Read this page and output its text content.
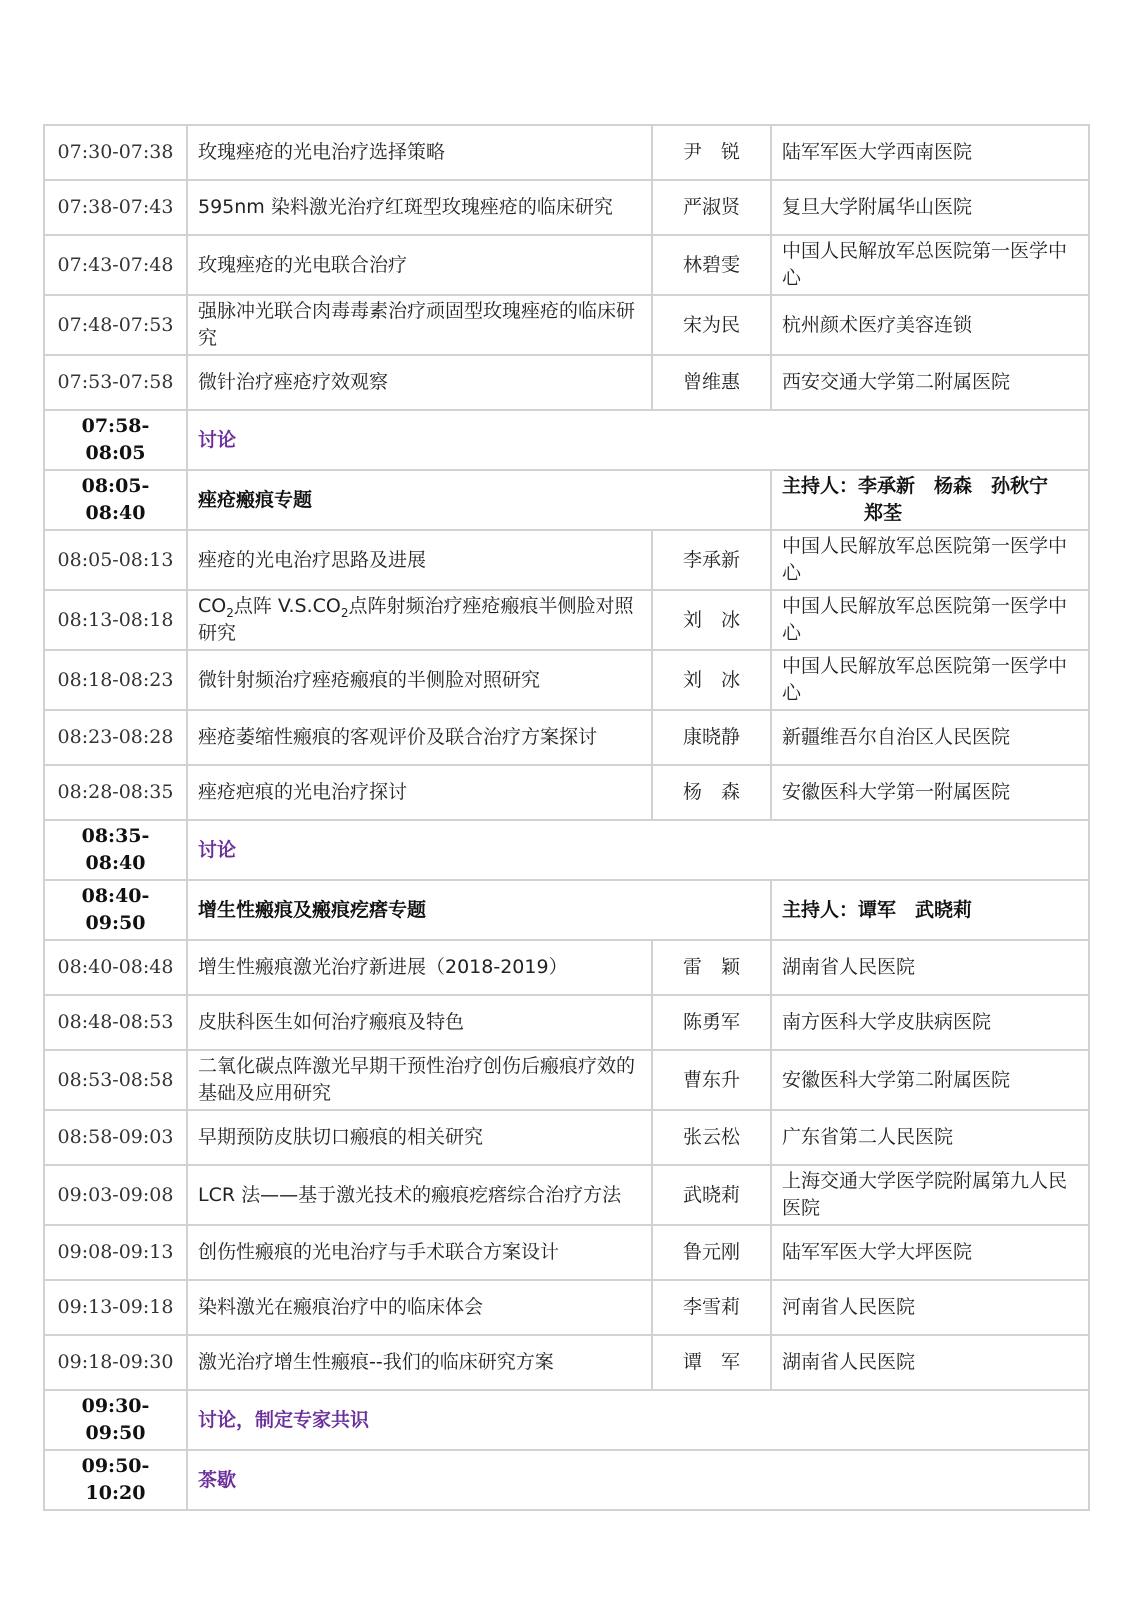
07:30-07:38	玫瑰痤疮的光电治疗选择策略	尹　锐	陆军军医大学西南医院
07:38-07:43	595nm 染料激光治疗红斑型玫瑰痤疮的临床研究	严淑贤	复旦大学附属华山医院
07:43-07:48	玫瑰痤疮的光电联合治疗	林碧雯	中国人民解放军总医院第一医学中心
07:48-07:53	强脉冲光联合肉毒毒素治疗顽固型玫瑰痤疮的临床研究	宋为民	杭州颜术医疗美容连锁
07:53-07:58	微针治疗痤疮疗效观察	曾维惠	西安交通大学第二附属医院
07:58-08:05	讨论		
08:05-08:40	痤疮瘢痕专题		主持人：李承新　杨森　孙秋宁
郑荃

08:05-08:13	痤疮的光电治疗思路及进展	李承新	中国人民解放军总医院第一医学中心
08:13-08:18	$CO_2$点阵 $V.S.CO_2$点阵射频治疗痤疮瘢痕半侧脸对照研究	刘　冰	中国人民解放军总医院第一医学中心
08:18-08:23	微针射频治疗痤疮瘢痕的半侧脸对照研究	刘　冰	中国人民解放军总医院第一医学中心
08:23-08:28	痤疮萎缩性瘢痕的客观评价及联合治疗方案探讨	康晓静	新疆维吾尔自治区人民医院
08:28-08:35	痤疮疤痕的光电治疗探讨	杨　森	安徽医科大学第一附属医院
08:35-08:40	讨论		
08:40-09:50	增生性瘢痕及瘢痕疙瘩专题		主持人：谭军　武晓莉
08:40-08:48	增生性瘢痕激光治疗新进展（2018-2019）	雷　颖	湖南省人民医院
08:48-08:53	皮肤科医生如何治疗瘢痕及特色	陈勇军	南方医科大学皮肤病医院
08:53-08:58	二氧化碳点阵激光早期干预性治疗创伤后瘢痕疗效的基础及应用研究	曹东升	安徽医科大学第二附属医院
08:58-09:03	早期预防皮肤切口瘢痕的相关研究	张云松	广东省第二人民医院
09:03-09:08	LCR 法——基于激光技术的瘢痕疙瘩综合治疗方法	武晓莉	上海交通大学医学院附属第九人民医院
09:08-09:13	创伤性瘢痕的光电治疗与手术联合方案设计	鲁元刚	陆军军医大学大坪医院
09:13-09:18	染料激光在瘢痕治疗中的临床体会	李雪莉	河南省人民医院
09:18-09:30	激光治疗增生性瘢痕--我们的临床研究方案	谭　军	湖南省人民医院
09:30-09:50	讨论，制定专家共识		
09:50-10:20	茶歇		
